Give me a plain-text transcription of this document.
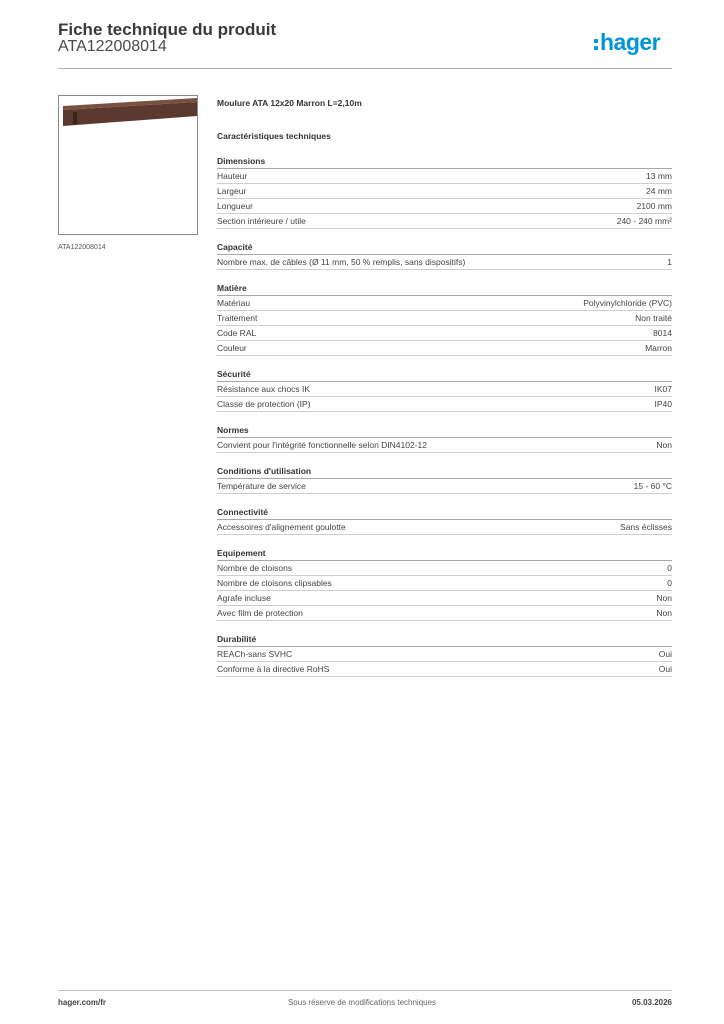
Fiche technique du produit
ATA122008014	hager
ATA122008014
Moulure ATA 12x20 Marron L=2,10m
Caractéristiques techniques
Dimensions
Hauteur	13 mm
Largeur	24 mm
Longueur	2100 mm
Section intérieure / utile	240 - 240 mm²
Capacité
Nombre max. de câbles (Ø 11 mm, 50 % remplis, sans dispositifs)	1
Matière
Matériau	Polyvinylchloride (PVC)
Traitement	Non traité
Code RAL	8014
Couleur	Marron
Sécurité
Résistance aux chocs IK	IK07
Classe de protection (IP)	IP40
Normes
Convient pour l'intégrité fonctionnelle selon DIN4102-12	Non
Conditions d'utilisation
Température de service	15 - 60 °C
Connectivité
Accessoires d'alignement goulotte	Sans éclisses
Equipement
Nombre de cloisons	0
Nombre de cloisons clipsables	0
Agrafe incluse	Non
Avec film de protection	Non
Durabilité
REACh-sans SVHC	Oui
Conforme à la directive RoHS	Oui
hager.com/fr	Sous réserve de modifications techniques	05.03.2026
